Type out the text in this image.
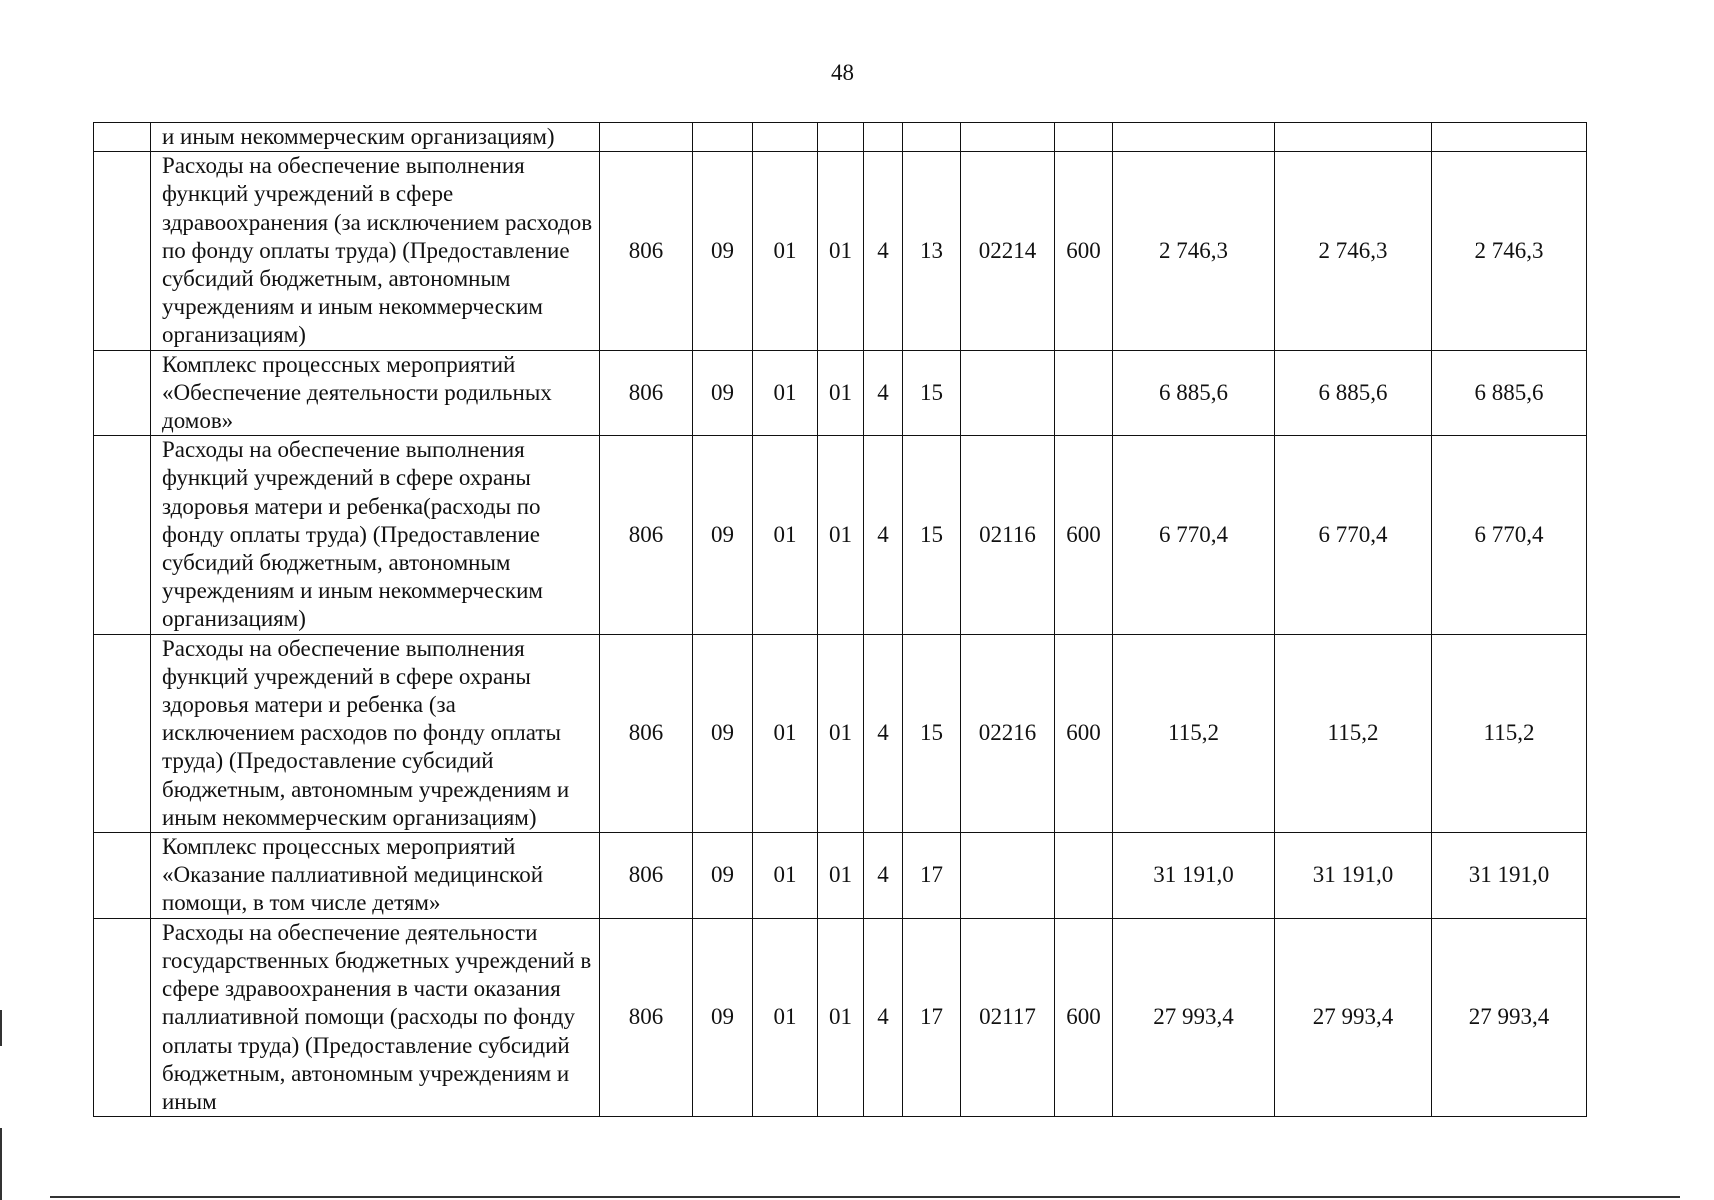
48
	и иным некоммерческим организациям)											
	Расходы на обеспечение выполнения функций учреждений в сфере здравоохранения (за исключением расходов по фонду оплаты труда) (Предоставление субсидий бюджетным, автономным учреждениям и иным некоммерческим организациям)	806	09	01	01	4	13	02214	600	2 746,3	2 746,3	2 746,3
	Комплекс процессных мероприятий «Обеспечение деятельности родильных домов»	806	09	01	01	4	15			6 885,6	6 885,6	6 885,6
	Расходы на обеспечение выполнения функций учреждений в сфере охраны здоровья матери и ребенка(расходы по фонду оплаты труда) (Предоставление субсидий бюджетным, автономным учреждениям и иным некоммерческим организациям)	806	09	01	01	4	15	02116	600	6 770,4	6 770,4	6 770,4
	Расходы на обеспечение выполнения функций учреждений в сфере охраны здоровья матери и ребенка (за исключением расходов по фонду оплаты труда) (Предоставление субсидий бюджетным, автономным учреждениям и иным некоммерческим организациям)	806	09	01	01	4	15	02216	600	115,2	115,2	115,2
	Комплекс процессных мероприятий «Оказание паллиативной медицинской помощи, в том числе детям»	806	09	01	01	4	17			31 191,0	31 191,0	31 191,0
	Расходы на обеспечение деятельности государственных бюджетных учреждений в сфере здравоохранения в части оказания паллиативной помощи (расходы по фонду оплаты труда) (Предоставление субсидий бюджетным, автономным учреждениям и иным	806	09	01	01	4	17	02117	600	27 993,4	27 993,4	27 993,4
